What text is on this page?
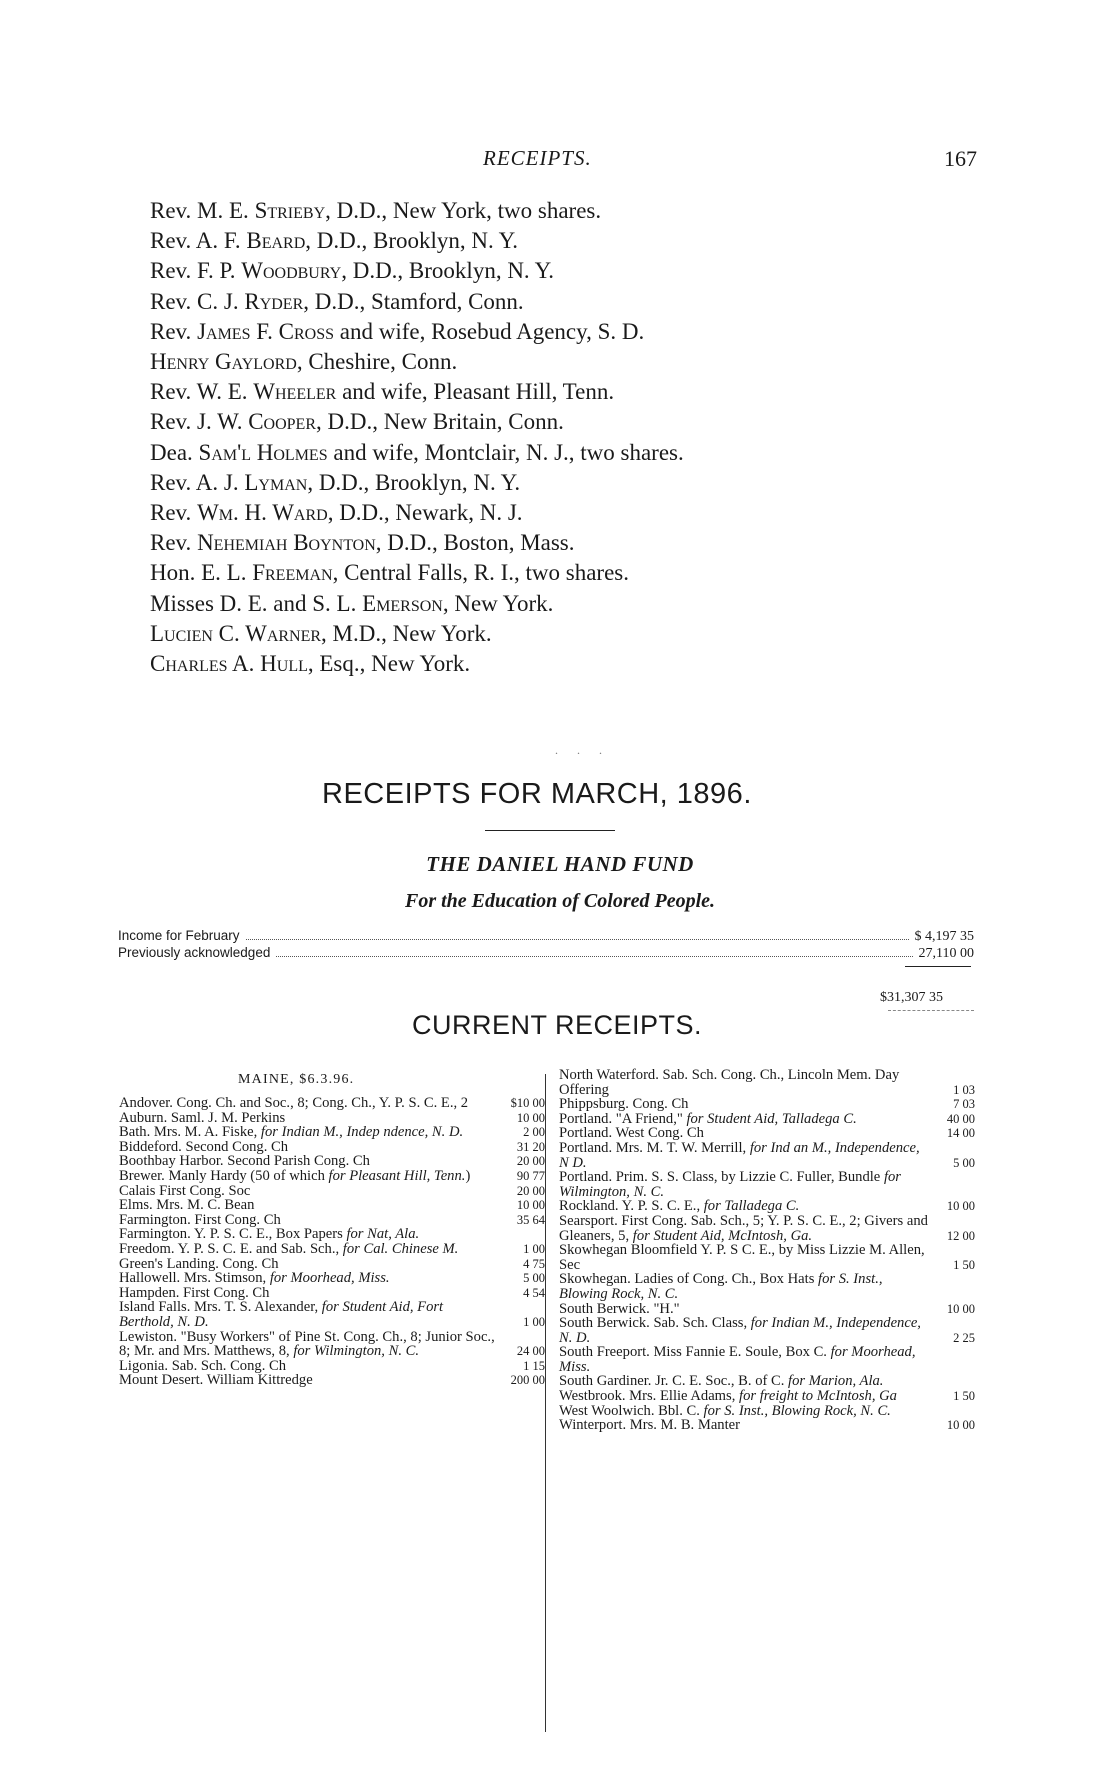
RECEIPTS.	167
Rev. M. E. Strieby, D.D., New York, two shares.
Rev. A. F. Beard, D.D., Brooklyn, N. Y.
Rev. F. P. Woodbury, D.D., Brooklyn, N. Y.
Rev. C. J. Ryder, D.D., Stamford, Conn.
Rev. James F. Cross and wife, Rosebud Agency, S. D.
Henry Gaylord, Cheshire, Conn.
Rev. W. E. Wheeler and wife, Pleasant Hill, Tenn.
Rev. J. W. Cooper, D.D., New Britain, Conn.
Dea. Sam'l Holmes and wife, Montclair, N. J., two shares.
Rev. A. J. Lyman, D.D., Brooklyn, N. Y.
Rev. Wm. H. Ward, D.D., Newark, N. J.
Rev. Nehemiah Boynton, D.D., Boston, Mass.
Hon. E. L. Freeman, Central Falls, R. I., two shares.
Misses D. E. and S. L. Emerson, New York.
Lucien C. Warner, M.D., New York.
Charles A. Hull, Esq., New York.
. . .
RECEIPTS FOR MARCH, 1896.
THE DANIEL HAND FUND
For the Education of Colored People.
Income for February	$ 4,197 35
Previously acknowledged	27,110 00
$31,307 35
CURRENT RECEIPTS.
MAINE, $6.3.96.
Andover. Cong. Ch. and Soc., 8; Cong. Ch., Y. P. S. C. E., 2	$10 00
Auburn. Saml. J. M. Perkins	10 00
Bath. Mrs. M. A. Fiske, for Indian M., Indep ndence, N. D.	2 00
Biddeford. Second Cong. Ch	31 20
Boothbay Harbor. Second Parish Cong. Ch	20 00
Brewer. Manly Hardy (50 of which for Pleasant Hill, Tenn.)	90 77
Calais First Cong. Soc	20 00
Elms. Mrs. M. C. Bean	10 00
Farmington. First Cong. Ch	35 64
Farmington. Y. P. S. C. E., Box Papers for Nat, Ala.
Freedom. Y. P. S. C. E. and Sab. Sch., for Cal. Chinese M.	1 00
Green's Landing. Cong. Ch	4 75
Hallowell. Mrs. Stimson, for Moorhead, Miss.	5 00
Hampden. First Cong. Ch	4 54
Island Falls. Mrs. T. S. Alexander, for Student Aid, Fort Berthold, N. D.	1 00
Lewiston. "Busy Workers" of Pine St. Cong. Ch., 8; Junior Soc., 8; Mr. and Mrs. Matthews, 8, for Wilmington, N. C.	24 00
Ligonia. Sab. Sch. Cong. Ch	1 15
Mount Desert. William Kittredge	200 00
North Waterford. Sab. Sch. Cong. Ch., Lincoln Mem. Day Offering	1 03
Phippsburg. Cong. Ch	7 03
Portland. "A Friend," for Student Aid, Talladega C.	40 00
Portland. West Cong. Ch	14 00
Portland. Mrs. M. T. W. Merrill, for Ind an M., Independence, N D.	5 00
Portland. Prim. S. S. Class, by Lizzie C. Fuller, Bundle for Wilmington, N. C.
Rockland. Y. P. S. C. E., for Talladega C.	10 00
Searsport. First Cong. Sab. Sch., 5; Y. P. S. C. E., 2; Givers and Gleaners, 5, for Student Aid, McIntosh, Ga.	12 00
Skowhegan Bloomfield Y. P. S C. E., by Miss Lizzie M. Allen, Sec	1 50
Skowhegan. Ladies of Cong. Ch., Box Hats for S. Inst., Blowing Rock, N. C.
South Berwick. "H."	10 00
South Berwick. Sab. Sch. Class, for Indian M., Independence, N. D.	2 25
South Freeport. Miss Fannie E. Soule, Box C. for Moorhead, Miss.
South Gardiner. Jr. C. E. Soc., B. of C. for Marion, Ala.
Westbrook. Mrs. Ellie Adams, for freight to McIntosh, Ga	1 50
West Woolwich. Bbl. C. for S. Inst., Blowing Rock, N. C.
Winterport. Mrs. M. B. Manter	10 00
